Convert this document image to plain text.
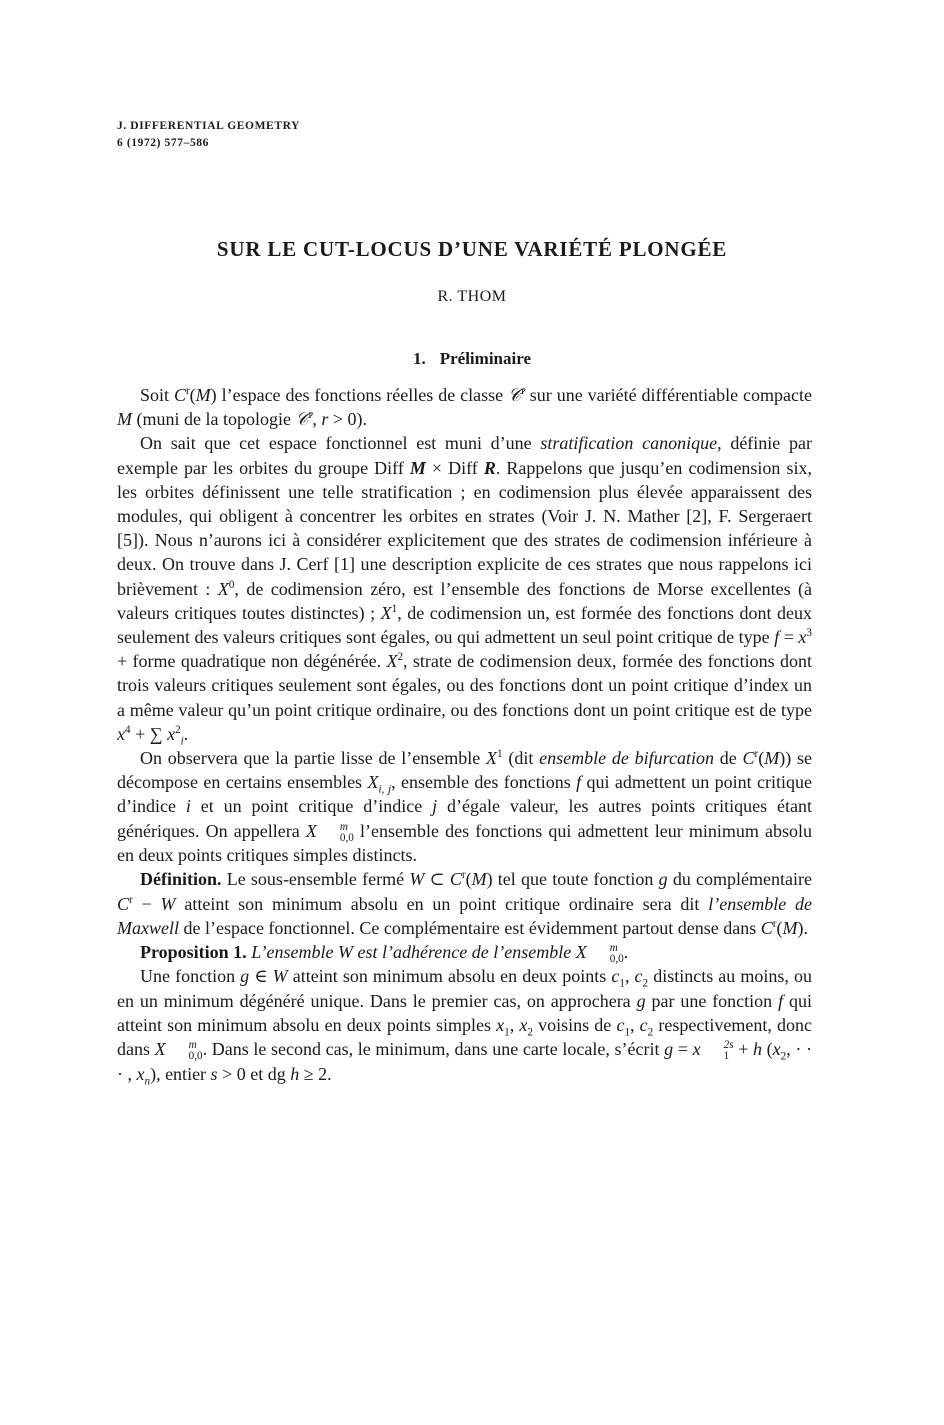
J. DIFFERENTIAL GEOMETRY
6 (1972) 577–586
SUR LE CUT-LOCUS D’UNE VARIÉTÉ PLONGÉE
R. THOM
1. Préliminaire

Soit $C^r(M)$ l’espace des fonctions réelles de classe 𝒞$^r$ sur une variété différentiable compacte M (muni de la topologie 𝒞$^r$, r > 0).

On sait que cet espace fonctionnel est muni d’une stratification canonique, définie par exemple par les orbites du groupe Diff M × Diff R. Rappelons que jusqu’en codimension six, les orbites définissent une telle stratification ; en codimension plus élevée apparaissent des modules, qui obligent à concentrer les orbites en strates (Voir J. N. Mather [2], F. Sergeraert [5]). Nous n’aurons ici à considérer explicitement que des strates de codimension inférieure à deux. On trouve dans J. Cerf [1] une description explicite de ces strates que nous rappelons ici brièvement : $X^0$, de codimension zéro, est l’ensemble des fonctions de Morse excellentes (à valeurs critiques toutes distinctes) ; $X^1$, de codimension un, est formée des fonctions dont deux seulement des valeurs critiques sont égales, ou qui admettent un seul point critique de type $f = x^3$ + forme quadratique non dégénérée. $X^2$, strate de codimension deux, formée des fonctions dont trois valeurs critiques seulement sont égales, ou des fonctions dont un point critique d’index un a même valeur qu’un point critique ordinaire, ou des fonctions dont un point critique est de type $x^4$ + ∑ $x^2_i$.

On observera que la partie lisse de l’ensemble $X^1$ (dit ensemble de bifurcation de $C^r(M)$) se décompose en certains ensembles $X_{i, j}$, ensemble des fonctions f qui admettent un point critique d’indice i et un point critique d’indice j d’égale valeur, les autres points critiques étant génériques. On appellera X	m
0,0 l’ensemble des fonctions qui admettent leur minimum absolu en deux points critiques simples distincts.

Définition. Le sous-ensemble fermé W ⊂ $C^r(M)$ tel que toute fonction g du complémentaire $C^r - W$ atteint son minimum absolu en un point critique ordinaire sera dit l’ensemble de Maxwell de l’espace fonctionnel. Ce complémentaire est évidemment partout dense dans $C^r(M)$.

Proposition 1. L’ensemble W est l’adhérence de l’ensemble X	m
0,0 .

Une fonction g ∈ W atteint son minimum absolu en deux points $c_1$, $c_2$ distincts au moins, ou en un minimum dégénéré unique. Dans le premier cas, on approchera g par une fonction f qui atteint son minimum absolu en deux points simples $x_1$, $x_2$ voisins de $c_1$, $c_2$ respectivement, donc dans X	m
0,0 . Dans le second cas, le minimum, dans une carte locale, s’écrit g = x	2s
1 + h ($x_2$, · · · , $x_n$), entier s > 0 et dg h ≥ 2.
